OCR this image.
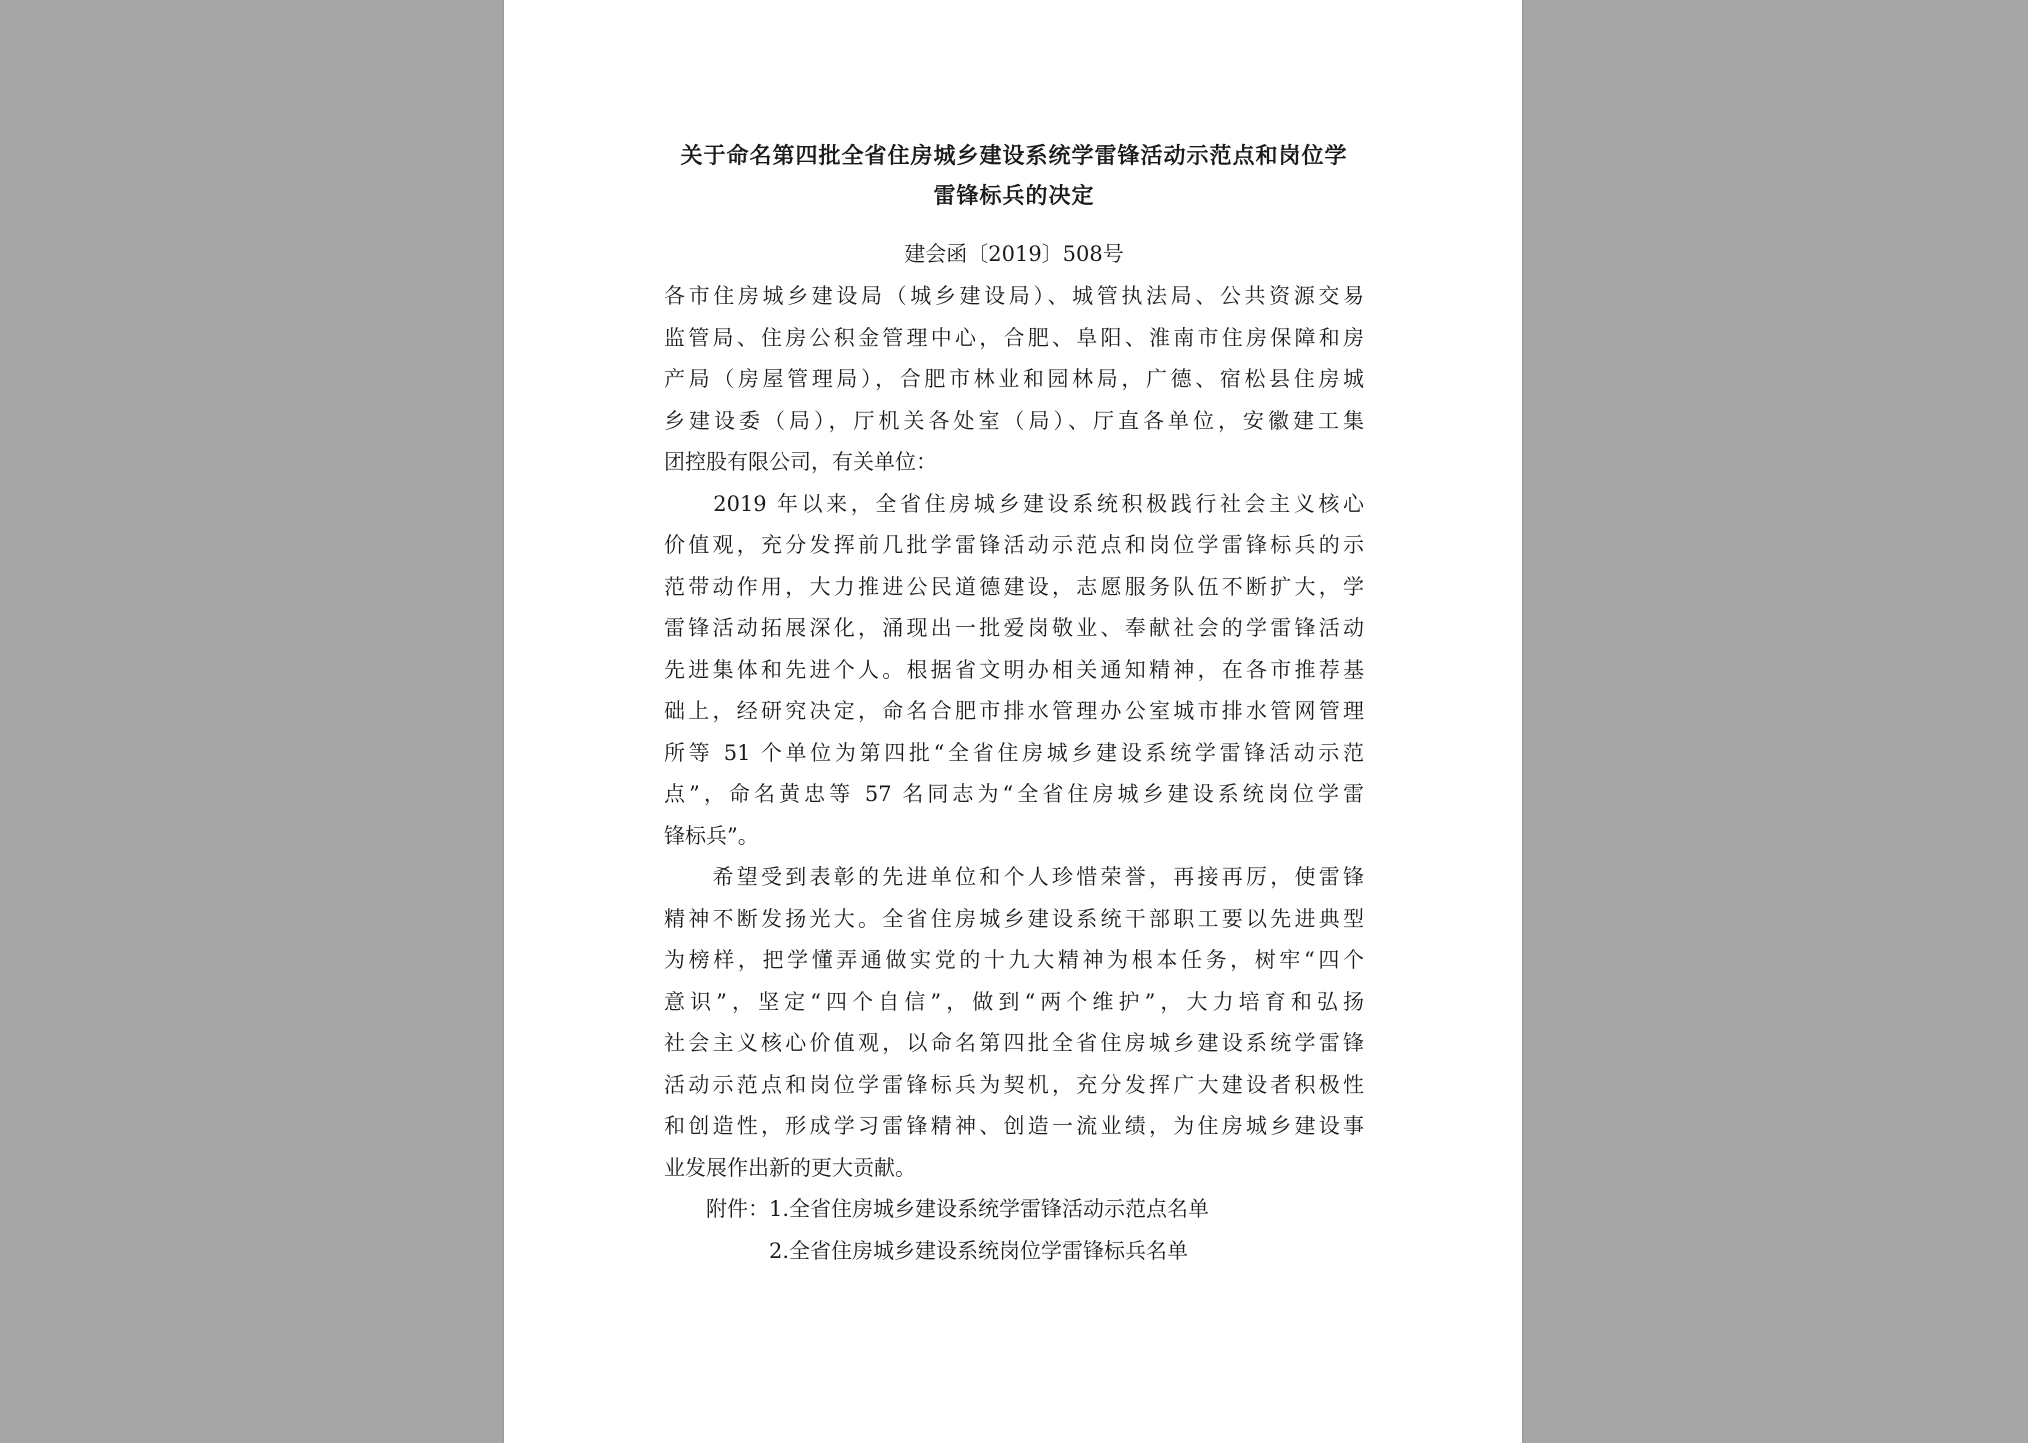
关于命名第四批全省住房城乡建设系统学雷锋活动示范点和岗位学
雷锋标兵的决定
建会函〔2019〕508号

各市住房城乡建设局（城乡建设局）、城管执法局、公共资源交易
监管局、住房公积金管理中心，合肥、阜阳、淮南市住房保障和房
产局（房屋管理局），合肥市林业和园林局，广德、宿松县住房城
乡建设委（局），厅机关各处室（局）、厅直各单位，安徽建工集
团控股有限公司，有关单位：

　　2019 年以来，全省住房城乡建设系统积极践行社会主义核心
价值观，充分发挥前几批学雷锋活动示范点和岗位学雷锋标兵的示
范带动作用，大力推进公民道德建设，志愿服务队伍不断扩大，学
雷锋活动拓展深化，涌现出一批爱岗敬业、奉献社会的学雷锋活动
先进集体和先进个人。根据省文明办相关通知精神，在各市推荐基
础上，经研究决定，命名合肥市排水管理办公室城市排水管网管理
所等 51 个单位为第四批“全省住房城乡建设系统学雷锋活动示范
点”，命名黄忠等 57 名同志为“全省住房城乡建设系统岗位学雷
锋标兵”。

　　希望受到表彰的先进单位和个人珍惜荣誉，再接再厉，使雷锋
精神不断发扬光大。全省住房城乡建设系统干部职工要以先进典型
为榜样，把学懂弄通做实党的十九大精神为根本任务，树牢“四个
意识”，坚定“四个自信”，做到“两个维护”，大力培育和弘扬
社会主义核心价值观，以命名第四批全省住房城乡建设系统学雷锋
活动示范点和岗位学雷锋标兵为契机，充分发挥广大建设者积极性
和创造性，形成学习雷锋精神、创造一流业绩，为住房城乡建设事
业发展作出新的更大贡献。

　　附件：1.全省住房城乡建设系统学雷锋活动示范点名单
　　　　　2.全省住房城乡建设系统岗位学雷锋标兵名单
